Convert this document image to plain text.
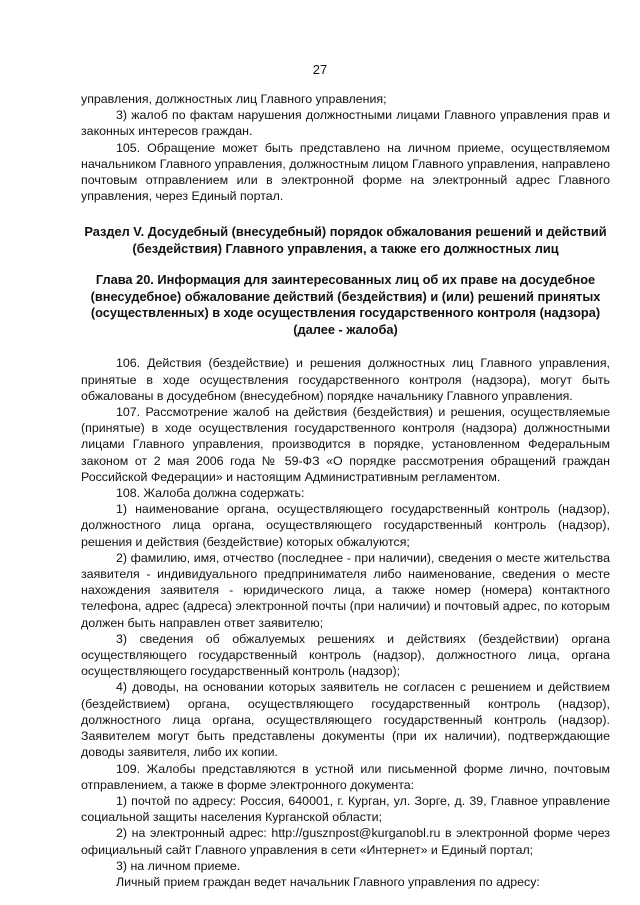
27

управления, должностных лиц Главного управления;

3) жалоб по фактам нарушения должностными лицами Главного управления прав и законных интересов граждан.

105. Обращение может быть представлено на личном приеме, осуществляемом начальником Главного управления, должностным лицом Главного управления, направлено почтовым отправлением или в электронной форме на электронный адрес Главного управления, через Единый портал.

Раздел V. Досудебный (внесудебный) порядок обжалования решений и действий (бездействия) Главного управления, а также его должностных лиц

Глава 20. Информация для заинтересованных лиц об их праве на досудебное (внесудебное) обжалование действий (бездействия) и (или) решений принятых (осуществленных) в ходе осуществления государственного контроля (надзора) (далее - жалоба)

106. Действия (бездействие) и решения должностных лиц Главного управления, принятые в ходе осуществления государственного контроля (надзора), могут быть обжалованы в досудебном (внесудебном) порядке начальнику Главного управления.

107. Рассмотрение жалоб на действия (бездействия) и решения, осуществляемые (принятые) в ходе осуществления государственного контроля (надзора) должностными лицами Главного управления, производится в порядке, установленном Федеральным законом от 2 мая 2006 года № 59-ФЗ «О порядке рассмотрения обращений граждан Российской Федерации» и настоящим Административным регламентом.

108. Жалоба должна содержать:

1) наименование органа, осуществляющего государственный контроль (надзор), должностного лица органа, осуществляющего государственный контроль (надзор), решения и действия (бездействие) которых обжалуются;

2) фамилию, имя, отчество (последнее - при наличии), сведения о месте жительства заявителя - индивидуального предпринимателя либо наименование, сведения о месте нахождения заявителя - юридического лица, а также номер (номера) контактного телефона, адрес (адреса) электронной почты (при наличии) и почтовый адрес, по которым должен быть направлен ответ заявителю;

3) сведения об обжалуемых решениях и действиях (бездействии) органа осуществляющего государственный контроль (надзор), должностного лица, органа осуществляющего государственный контроль (надзор);

4) доводы, на основании которых заявитель не согласен с решением и действием (бездействием) органа, осуществляющего государственный контроль (надзор), должностного лица органа, осуществляющего государственный контроль (надзор). Заявителем могут быть представлены документы (при их наличии), подтверждающие доводы заявителя, либо их копии.

109. Жалобы представляются в устной или письменной форме лично, почтовым отправлением, а также в форме электронного документа:

1) почтой по адресу: Россия, 640001, г. Курган, ул. Зорге, д. 39, Главное управление социальной защиты населения Курганской области;

2) на электронный адрес: http://gusznpost@kurganobl.ru в электронной форме через официальный сайт Главного управления в сети «Интернет» и Единый портал;

3) на личном приеме.

Личный прием граждан ведет начальник Главного управления по адресу:
